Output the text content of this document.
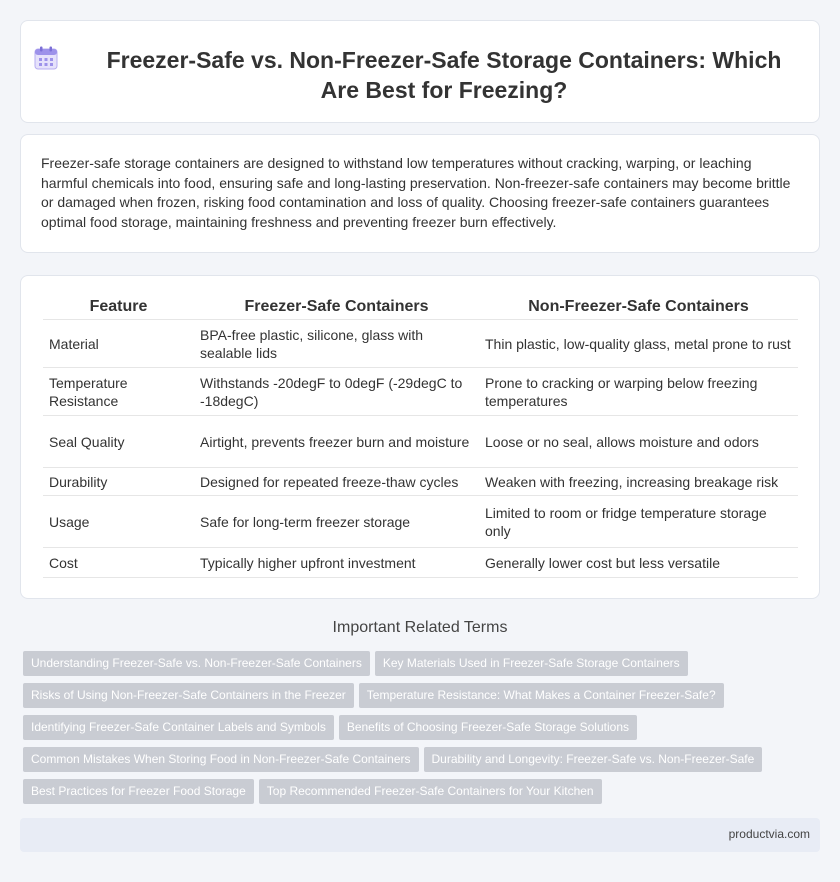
Freezer-Safe vs. Non-Freezer-Safe Storage Containers: Which Are Best for Freezing?

Freezer-safe storage containers are designed to withstand low temperatures without cracking, warping, or leaching harmful chemicals into food, ensuring safe and long-lasting preservation. Non-freezer-safe containers may become brittle or damaged when frozen, risking food contamination and loss of quality. Choosing freezer-safe containers guarantees optimal food storage, maintaining freshness and preventing freezer burn effectively.

Feature	Freezer-Safe Containers	Non-Freezer-Safe Containers
Material	BPA-free plastic, silicone, glass with sealable lids	Thin plastic, low-quality glass, metal prone to rust
Temperature Resistance	Withstands -20degF to 0degF (-29degC to -18degC)	Prone to cracking or warping below freezing temperatures
Seal Quality	Airtight, prevents freezer burn and moisture	Loose or no seal, allows moisture and odors
Durability	Designed for repeated freeze-thaw cycles	Weaken with freezing, increasing breakage risk
Usage	Safe for long-term freezer storage	Limited to room or fridge temperature storage only
Cost	Typically higher upfront investment	Generally lower cost but less versatile
Important Related Terms
Understanding Freezer-Safe vs. Non-Freezer-Safe Containers Key Materials Used in Freezer-Safe Storage Containers
Risks of Using Non-Freezer-Safe Containers in the Freezer Temperature Resistance: What Makes a Container Freezer-Safe?
Identifying Freezer-Safe Container Labels and Symbols Benefits of Choosing Freezer-Safe Storage Solutions
Common Mistakes When Storing Food in Non-Freezer-Safe Containers Durability and Longevity: Freezer-Safe vs. Non-Freezer-Safe
Best Practices for Freezer Food Storage Top Recommended Freezer-Safe Containers for Your Kitchen
productvia.com
